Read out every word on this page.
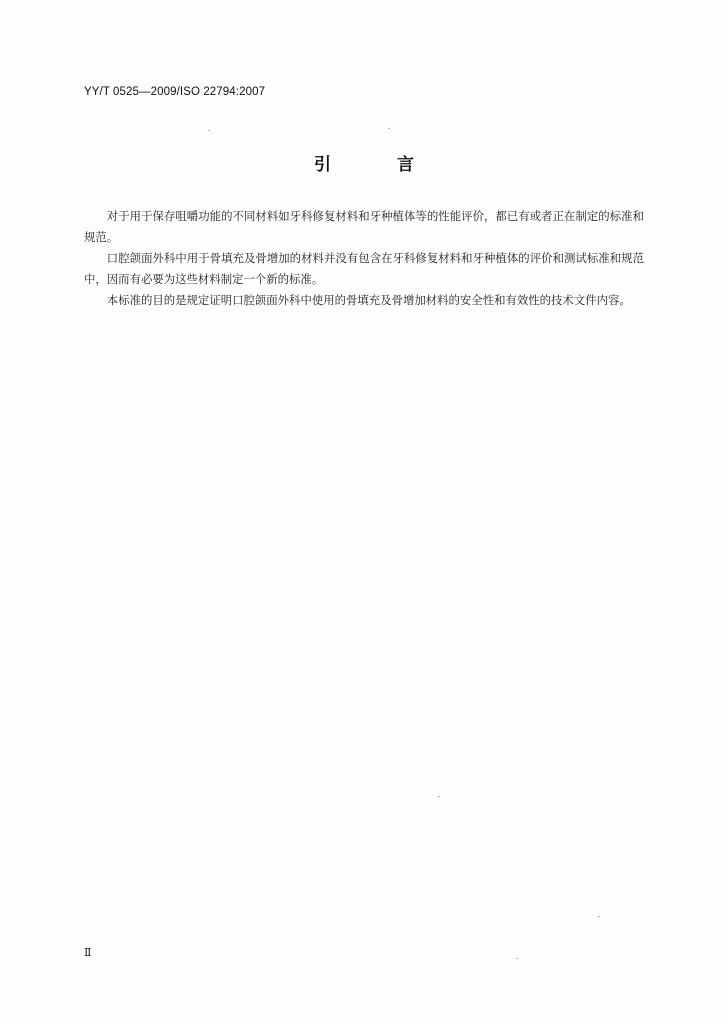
YY/T 0525—2009/ISO 22794:2007
引 言

对于用于保存咀嚼功能的不同材料如牙科修复材料和牙种植体等的性能评价，都已有或者正在制定的标准和规范。

口腔颌面外科中用于骨填充及骨增加的材料并没有包含在牙科修复材料和牙种植体的评价和测试标准和规范中，因而有必要为这些材料制定一个新的标准。

本标准的目的是规定证明口腔颌面外科中使用的骨填充及骨增加材料的安全性和有效性的技术文件内容。

Ⅱ
